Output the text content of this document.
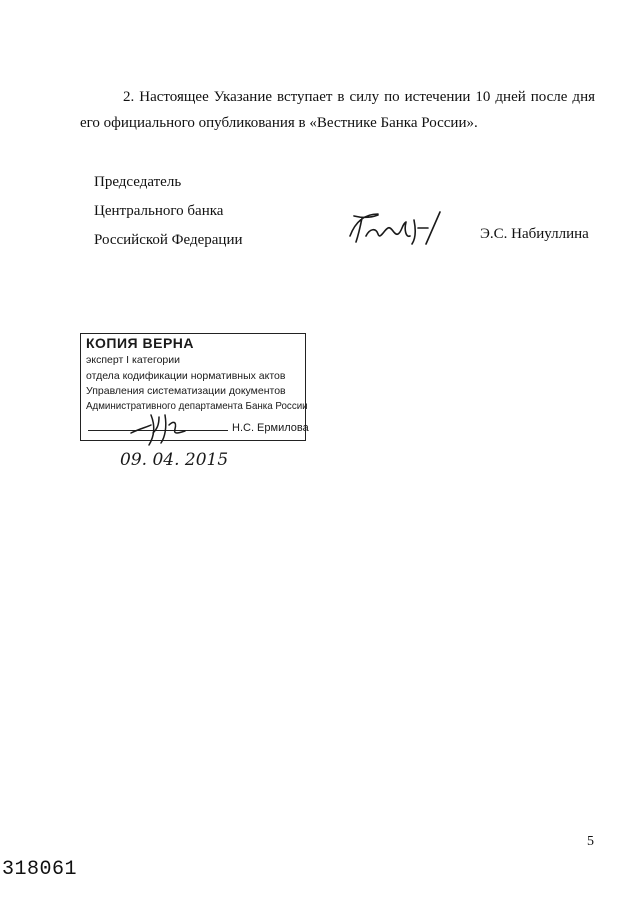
2. Настоящее Указание вступает в силу по истечении 10 дней после дня
его официального опубликования в «Вестнике Банка России».
Председатель
Центрального банка
Российской Федерации	Э.С. Набиуллина
КОПИЯ ВЕРНА
эксперт I категории
отдела кодификации нормативных актов
Управления систематизации документов
Административного департамента Банка России
Н.С. Ермилова
09. 04. 2015
5
318061
